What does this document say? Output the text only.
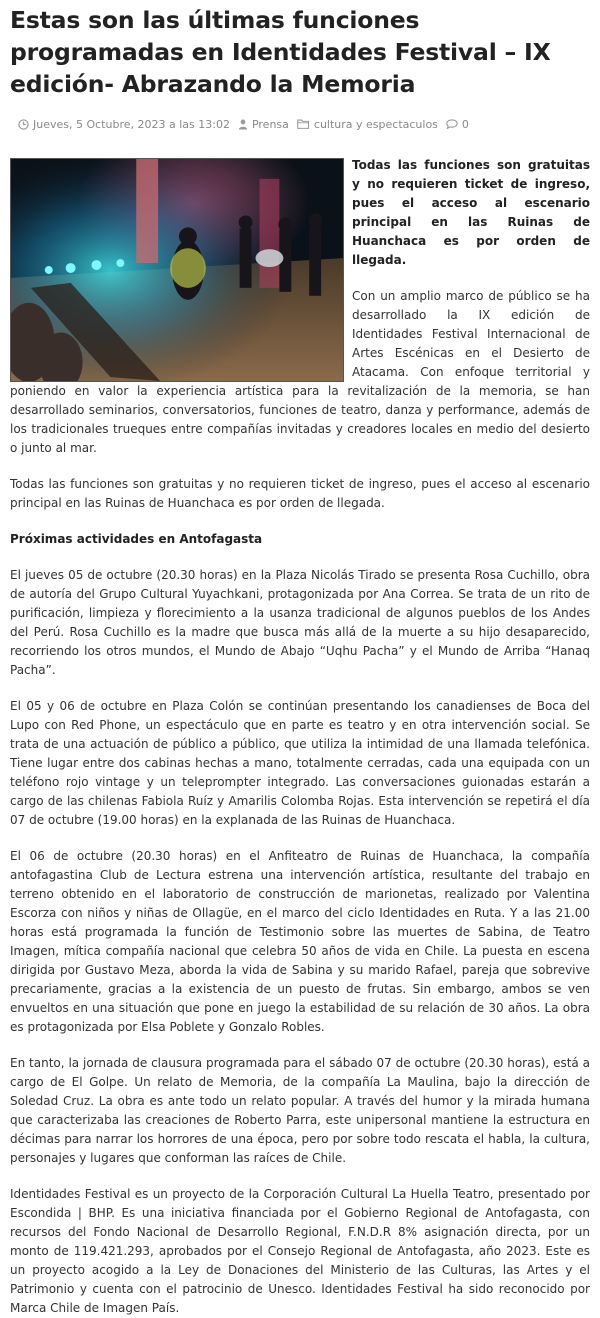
Estas son las últimas funciones programadas en Identidades Festival – IX edición- Abrazando la Memoria
Jueves, 5 Octubre, 2023 a las 13:02 Prensa cultura y espectaculos 0

Todas las funciones son gratuitas y no requieren ticket de ingreso, pues el acceso al escenario principal en las Ruinas de Huanchaca es por orden de llegada.

Con un amplio marco de público se ha desarrollado la IX edición de Identidades Festival Internacional de Artes Escénicas en el Desierto de Atacama. Con enfoque territorial y poniendo en valor la experiencia artística para la revitalización de la memoria, se han desarrollado seminarios, conversatorios, funciones de teatro, danza y performance, además de los tradicionales trueques entre compañías invitadas y creadores locales en medio del desierto o junto al mar.

Todas las funciones son gratuitas y no requieren ticket de ingreso, pues el acceso al escenario principal en las Ruinas de Huanchaca es por orden de llegada.

Próximas actividades en Antofagasta

El jueves 05 de octubre (20.30 horas) en la Plaza Nicolás Tirado se presenta Rosa Cuchillo, obra de autoría del Grupo Cultural Yuyachkani, protagonizada por Ana Correa. Se trata de un rito de purificación, limpieza y florecimiento a la usanza tradicional de algunos pueblos de los Andes del Perú. Rosa Cuchillo es la madre que busca más allá de la muerte a su hijo desaparecido, recorriendo los otros mundos, el Mundo de Abajo “Uqhu Pacha” y el Mundo de Arriba “Hanaq Pacha”.

El 05 y 06 de octubre en Plaza Colón se continúan presentando los canadienses de Boca del Lupo con Red Phone, un espectáculo que en parte es teatro y en otra intervención social. Se trata de una actuación de público a público, que utiliza la intimidad de una llamada telefónica. Tiene lugar entre dos cabinas hechas a mano, totalmente cerradas, cada una equipada con un teléfono rojo vintage y un teleprompter integrado. Las conversaciones guionadas estarán a cargo de las chilenas Fabiola Ruíz y Amarilis Colomba Rojas. Esta intervención se repetirá el día 07 de octubre (19.00 horas) en la explanada de las Ruinas de Huanchaca.

El 06 de octubre (20.30 horas) en el Anfiteatro de Ruinas de Huanchaca, la compañía antofagastina Club de Lectura estrena una intervención artística, resultante del trabajo en terreno obtenido en el laboratorio de construcción de marionetas, realizado por Valentina Escorza con niños y niñas de Ollagüe, en el marco del ciclo Identidades en Ruta. Y a las 21.00 horas está programada la función de Testimonio sobre las muertes de Sabina, de Teatro Imagen, mítica compañía nacional que celebra 50 años de vida en Chile. La puesta en escena dirigida por Gustavo Meza, aborda la vida de Sabina y su marido Rafael, pareja que sobrevive precariamente, gracias a la existencia de un puesto de frutas. Sin embargo, ambos se ven envueltos en una situación que pone en juego la estabilidad de su relación de 30 años. La obra es protagonizada por Elsa Poblete y Gonzalo Robles.

En tanto, la jornada de clausura programada para el sábado 07 de octubre (20.30 horas), está a cargo de El Golpe. Un relato de Memoria, de la compañía La Maulina, bajo la dirección de Soledad Cruz. La obra es ante todo un relato popular. A través del humor y la mirada humana que caracterizaba las creaciones de Roberto Parra, este unipersonal mantiene la estructura en décimas para narrar los horrores de una época, pero por sobre todo rescata el habla, la cultura, personajes y lugares que conforman las raíces de Chile.

Identidades Festival es un proyecto de la Corporación Cultural La Huella Teatro, presentado por Escondida | BHP. Es una iniciativa financiada por el Gobierno Regional de Antofagasta, con recursos del Fondo Nacional de Desarrollo Regional, F.N.D.R 8% asignación directa, por un monto de 119.421.293, aprobados por el Consejo Regional de Antofagasta, año 2023. Este es un proyecto acogido a la Ley de Donaciones del Ministerio de las Culturas, las Artes y el Patrimonio y cuenta con el patrocinio de Unesco. Identidades Festival ha sido reconocido por Marca Chile de Imagen País.
